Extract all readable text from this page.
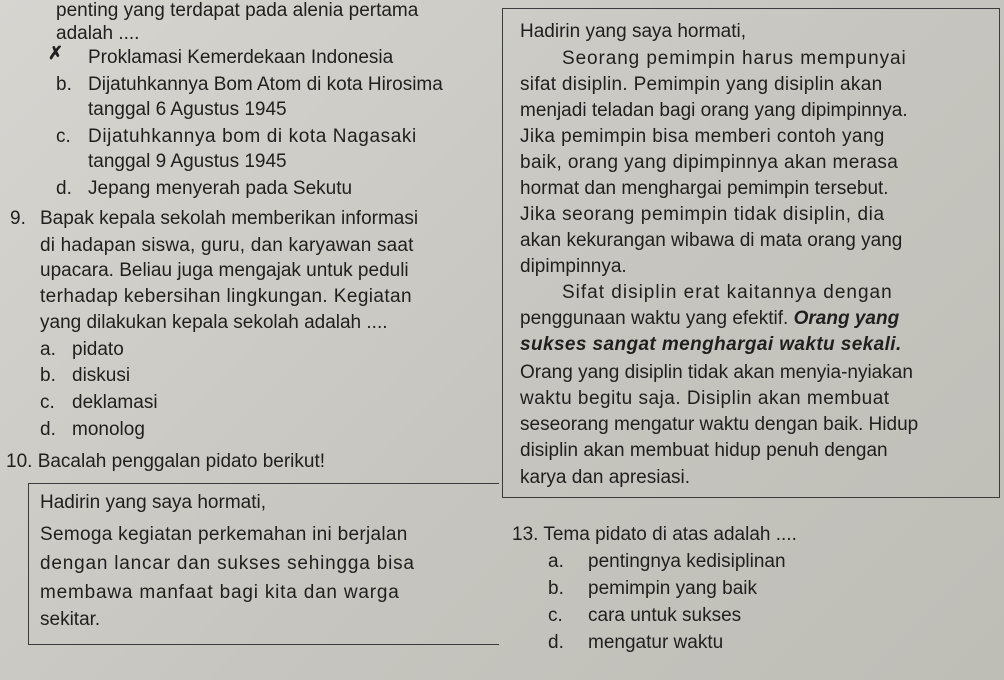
penting yang terdapat pada alenia pertama
adalah ....
✗ Proklamasi Kemerdekaan Indonesia
b. Dijatuhkannya Bom Atom di kota Hirosima
tanggal 6 Agustus 1945
c. Dijatuhkannya bom di kota Nagasaki
tanggal 9 Agustus 1945
d. Jepang menyerah pada Sekutu
9. Bapak kepala sekolah memberikan informasi
di hadapan siswa, guru, dan karyawan saat
upacara. Beliau juga mengajak untuk peduli
terhadap kebersihan lingkungan. Kegiatan
yang dilakukan kepala sekolah adalah ....
a. pidato
b. diskusi
c. deklamasi
d. monolog
10. Bacalah penggalan pidato berikut!
Hadirin yang saya hormati,
Semoga kegiatan perkemahan ini berjalan
dengan lancar dan sukses sehingga bisa
membawa manfaat bagi kita dan warga
sekitar.
Hadirin yang saya hormati,
Seorang pemimpin harus mempunyai
sifat disiplin. Pemimpin yang disiplin akan
menjadi teladan bagi orang yang dipimpinnya.
Jika pemimpin bisa memberi contoh yang
baik, orang yang dipimpinnya akan merasa
hormat dan menghargai pemimpin tersebut.
Jika seorang pemimpin tidak disiplin, dia
akan kekurangan wibawa di mata orang yang
dipimpinnya.
Sifat disiplin erat kaitannya dengan
penggunaan waktu yang efektif. Orang yang
sukses sangat menghargai waktu sekali.
Orang yang disiplin tidak akan menyia-nyiakan
waktu begitu saja. Disiplin akan membuat
seseorang mengatur waktu dengan baik. Hidup
disiplin akan membuat hidup penuh dengan
karya dan apresiasi.
13. Tema pidato di atas adalah ....
a. pentingnya kedisiplinan
b. pemimpin yang baik
c. cara untuk sukses
d. mengatur waktu
